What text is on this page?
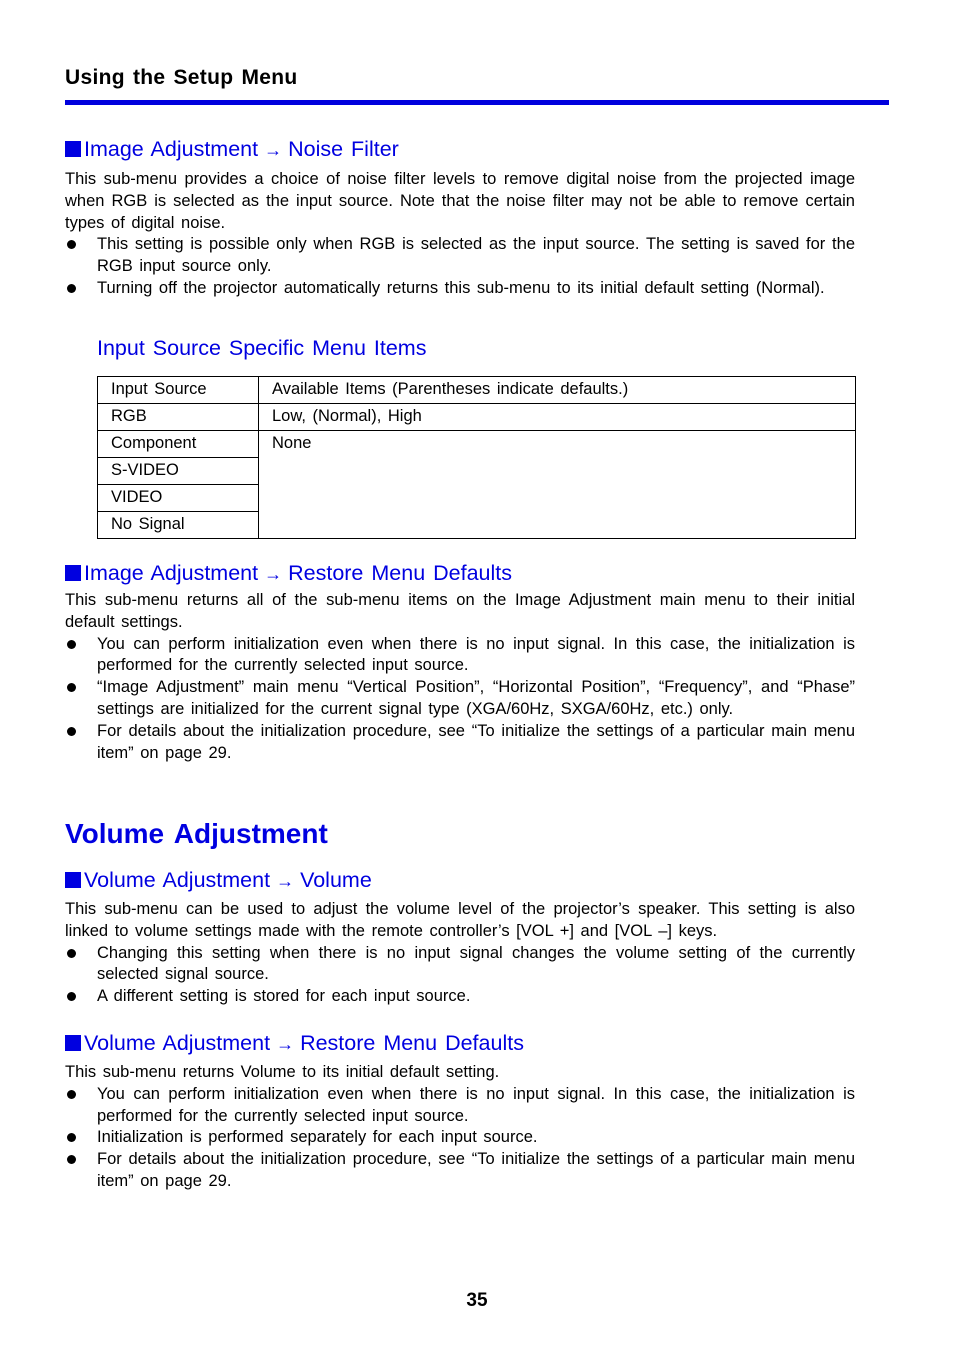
Using the Setup Menu
Image Adjustment → Noise Filter

This sub-menu provides a choice of noise filter levels to remove digital noise from the projected image when RGB is selected as the input source. Note that the noise filter may not be able to remove certain types of digital noise.

This setting is possible only when RGB is selected as the input source. The setting is saved for the RGB input source only.
Turning off the projector automatically returns this sub-menu to its initial default setting (Normal).
Input Source Specific Menu Items
Input Source	Available Items (Parentheses indicate defaults.)
RGB	Low, (Normal), High
Component	None
S-VIDEO	
VIDEO	
No Signal	
Image Adjustment → Restore Menu Defaults

This sub-menu returns all of the sub-menu items on the Image Adjustment main menu to their initial default settings.

You can perform initialization even when there is no input signal. In this case, the initialization is performed for the currently selected input source.
“Image Adjustment” main menu “Vertical Position”, “Horizontal Position”, “Frequency”, and “Phase” settings are initialized for the current signal type (XGA/60Hz, SXGA/60Hz, etc.) only.
For details about the initialization procedure, see “To initialize the settings of a particular main menu item” on page 29.
Volume Adjustment
Volume Adjustment → Volume

This sub-menu can be used to adjust the volume level of the projector’s speaker. This setting is also linked to volume settings made with the remote controller’s [VOL +] and [VOL –] keys.

Changing this setting when there is no input signal changes the volume setting of the currently selected signal source.
A different setting is stored for each input source.
Volume Adjustment → Restore Menu Defaults

This sub-menu returns Volume to its initial default setting.

You can perform initialization even when there is no input signal. In this case, the initialization is performed for the currently selected input source.
Initialization is performed separately for each input source.
For details about the initialization procedure, see “To initialize the settings of a particular main menu item” on page 29.
35
